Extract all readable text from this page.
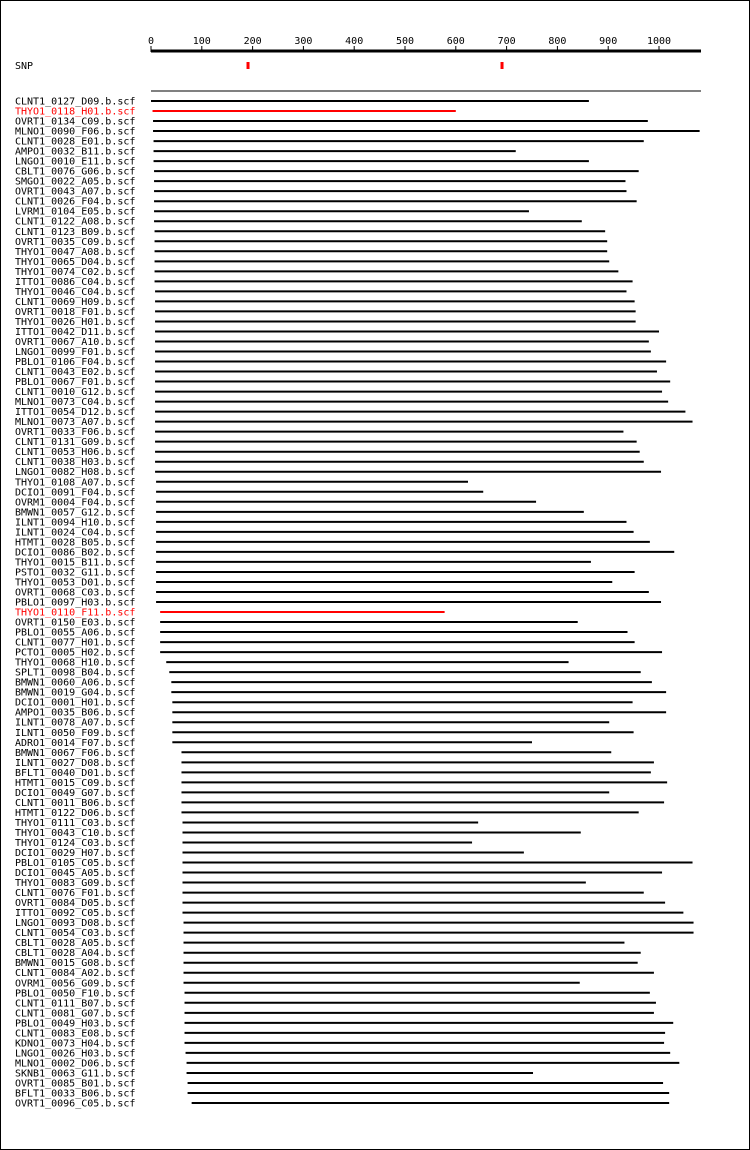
0	100	200	300	400	500	600	700	800	900	1000
SNP
CLNT1_0127_D09.b.scf
THYO1_0118_H01.b.scf
OVRT1_0134_C09.b.scf
MLNO1_0090_F06.b.scf
CLNT1_0028_E01.b.scf
AMPO1_0032_B11.b.scf
LNGO1_0010_E11.b.scf
CBLT1_0076_G06.b.scf
SMGO1_0022_A05.b.scf
OVRT1_0043_A07.b.scf
CLNT1_0026_F04.b.scf
LVRM1_0104_E05.b.scf
CLNT1_0122_A08.b.scf
CLNT1_0123_B09.b.scf
OVRT1_0035_C09.b.scf
THYO1_0047_A08.b.scf
THYO1_0065_D04.b.scf
THYO1_0074_C02.b.scf
ITTO1_0086_C04.b.scf
THYO1_0046_C04.b.scf
CLNT1_0069_H09.b.scf
OVRT1_0018_F01.b.scf
THYO1_0026_H01.b.scf
ITTO1_0042_D11.b.scf
OVRT1_0067_A10.b.scf
LNGO1_0099_F01.b.scf
PBLO1_0106_F04.b.scf
CLNT1_0043_E02.b.scf
PBLO1_0067_F01.b.scf
CLNT1_0010_G12.b.scf
MLNO1_0073_C04.b.scf
ITTO1_0054_D12.b.scf
MLNO1_0073_A07.b.scf
OVRT1_0033_F06.b.scf
CLNT1_0131_G09.b.scf
CLNT1_0053_H06.b.scf
CLNT1_0038_H03.b.scf
LNGO1_0082_H08.b.scf
THYO1_0108_A07.b.scf
DCIO1_0091_F04.b.scf
OVRM1_0004_F04.b.scf
BMWN1_0057_G12.b.scf
ILNT1_0094_H10.b.scf
ILNT1_0024_C04.b.scf
HTMT1_0028_B05.b.scf
DCIO1_0086_B02.b.scf
THYO1_0015_B11.b.scf
PSTO1_0032_G11.b.scf
THYO1_0053_D01.b.scf
OVRT1_0068_C03.b.scf
PBLO1_0097_H03.b.scf
THYO1_0110_F11.b.scf
OVRT1_0150_E03.b.scf
PBLO1_0055_A06.b.scf
CLNT1_0077_H01.b.scf
PCTO1_0005_H02.b.scf
THYO1_0068_H10.b.scf
SPLT1_0098_B04.b.scf
BMWN1_0060_A06.b.scf
BMWN1_0019_G04.b.scf
DCIO1_0001_H01.b.scf
AMPO1_0035_B06.b.scf
ILNT1_0078_A07.b.scf
ILNT1_0050_F09.b.scf
ADRO1_0014_F07.b.scf
BMWN1_0067_F06.b.scf
ILNT1_0027_D08.b.scf
BFLT1_0040_D01.b.scf
HTMT1_0015_C09.b.scf
DCIO1_0049_G07.b.scf
CLNT1_0011_B06.b.scf
HTMT1_0122_D06.b.scf
THYO1_0111_C03.b.scf
THYO1_0043_C10.b.scf
THYO1_0124_C03.b.scf
DCIO1_0029_H07.b.scf
PBLO1_0105_C05.b.scf
DCIO1_0045_A05.b.scf
THYO1_0083_G09.b.scf
CLNT1_0076_F01.b.scf
OVRT1_0084_D05.b.scf
ITTO1_0092_C05.b.scf
LNGO1_0093_D08.b.scf
CLNT1_0054_C03.b.scf
CBLT1_0028_A05.b.scf
CBLT1_0028_A04.b.scf
BMWN1_0015_G08.b.scf
CLNT1_0084_A02.b.scf
OVRM1_0056_G09.b.scf
PBLO1_0050_F10.b.scf
CLNT1_0111_B07.b.scf
CLNT1_0081_G07.b.scf
PBLO1_0049_H03.b.scf
CLNT1_0083_E08.b.scf
KDNO1_0073_H04.b.scf
LNGO1_0026_H03.b.scf
MLNO1_0002_D06.b.scf
SKNB1_0063_G11.b.scf
OVRT1_0085_B01.b.scf
BFLT1_0033_B06.b.scf
OVRT1_0096_C05.b.scf
